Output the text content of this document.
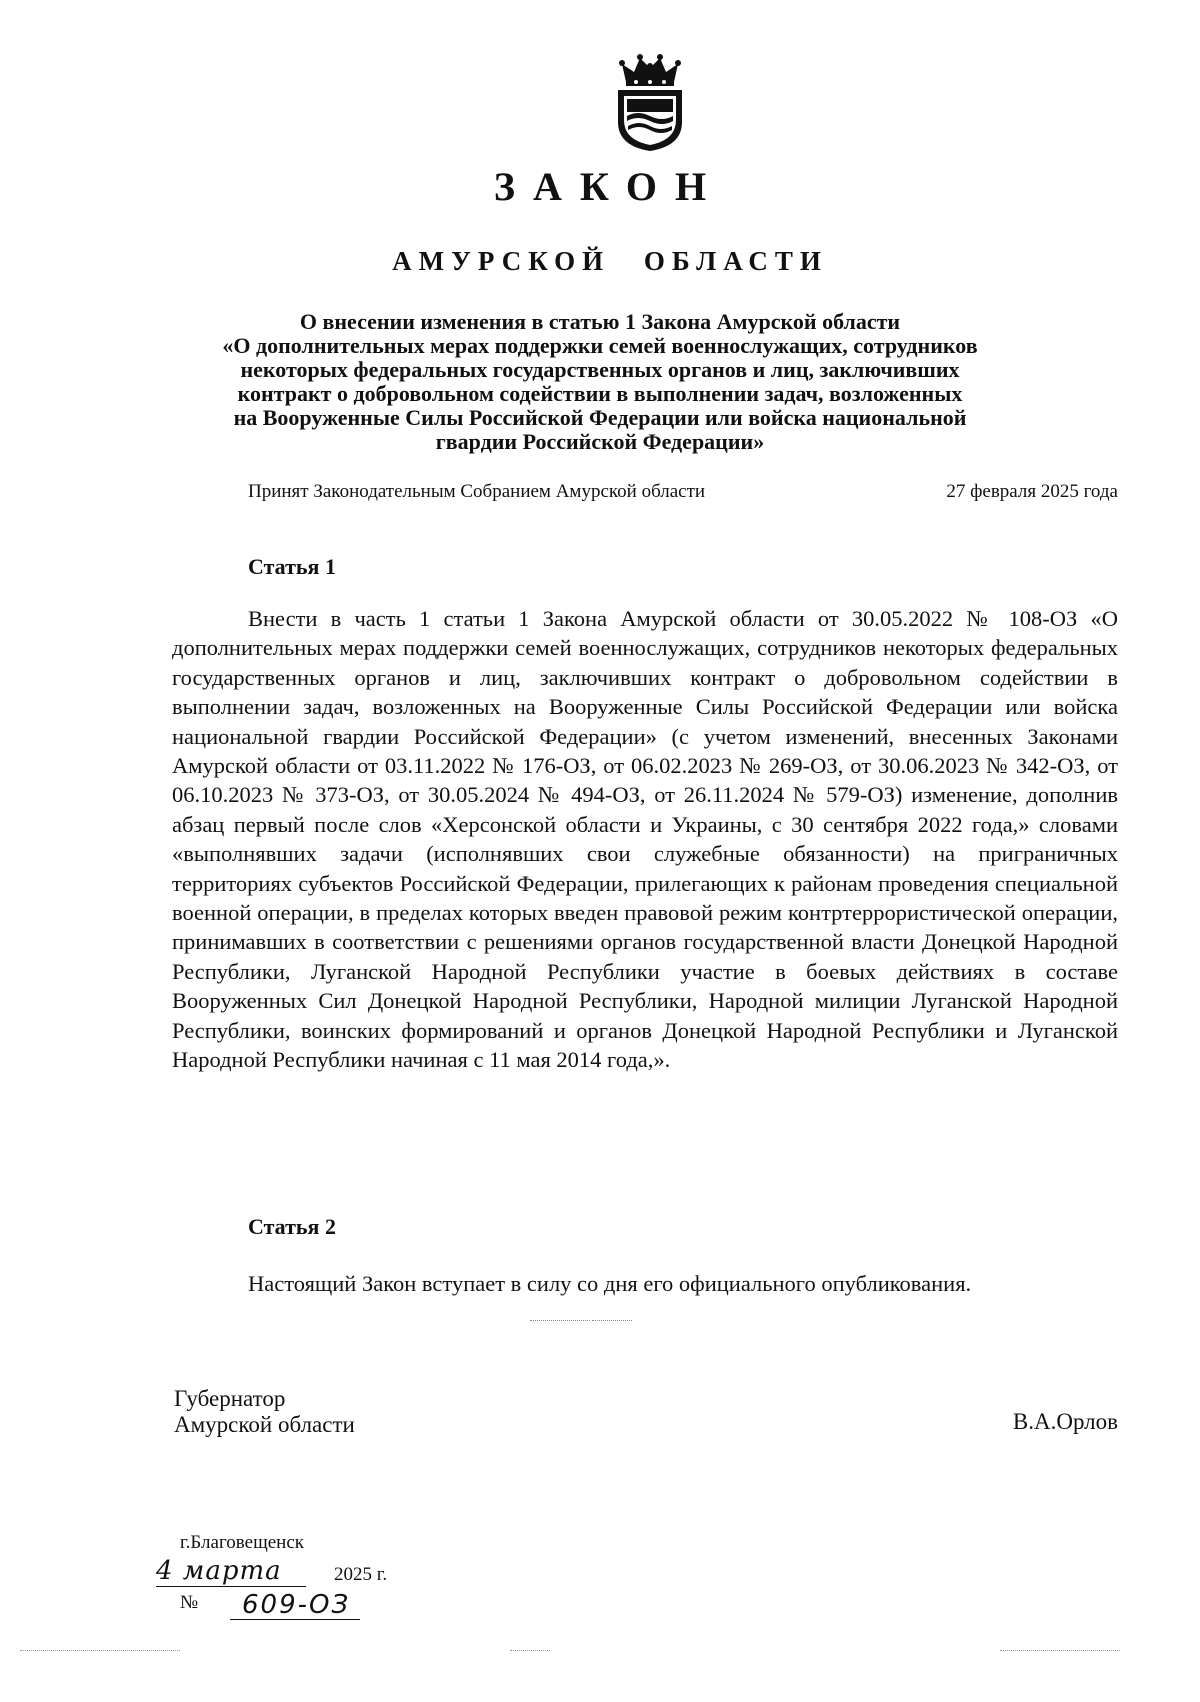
ЗАКОН
АМУРСКОЙ ОБЛАСТИ
О внесении изменения в статью 1 Закона Амурской области
«О дополнительных мерах поддержки семей военнослужащих, сотрудников
некоторых федеральных государственных органов и лиц, заключивших
контракт о добровольном содействии в выполнении задач, возложенных
на Вооруженные Силы Российской Федерации или войска национальной
гвардии Российской Федерации»
Принят Законодательным Собранием Амурской области	27 февраля 2025 года
Статья 1

Внести в часть 1 статьи 1 Закона Амурской области от 30.05.2022 № 108-ОЗ «О дополнительных мерах поддержки семей военнослужащих, сотрудников некоторых федеральных государственных органов и лиц, заключивших контракт о добровольном содействии в выполнении задач, возложенных на Вооруженные Силы Российской Федерации или войска национальной гвардии Российской Федерации» (с учетом изменений, внесенных Законами Амурской области от 03.11.2022 № 176-ОЗ, от 06.02.2023 № 269-ОЗ, от 30.06.2023 № 342-ОЗ, от 06.10.2023 № 373-ОЗ, от 30.05.2024 № 494-ОЗ, от 26.11.2024 № 579-ОЗ) изменение, дополнив абзац первый после слов «Херсонской области и Украины, с 30 сентября 2022 года,» словами «выполнявших задачи (исполнявших свои служебные обязанности) на приграничных территориях субъектов Российской Федерации, прилегающих к районам проведения специальной военной операции, в пределах которых введен правовой режим контртеррористической операции, принимавших в соответствии с решениями органов государственной власти Донецкой Народной Республики, Луганской Народной Республики участие в боевых действиях в составе Вооруженных Сил Донецкой Народной Республики, Народной милиции Луганской Народной Республики, воинских формирований и органов Донецкой Народной Республики и Луганской Народной Республики начиная с 11 мая 2014 года,».

Статья 2

Настоящий Закон вступает в силу со дня его официального опубликования.

Губернатор
Амурской области	В.А.Орлов
г.Благовещенск
4 марта	2025 г.
№ 609-ОЗ
